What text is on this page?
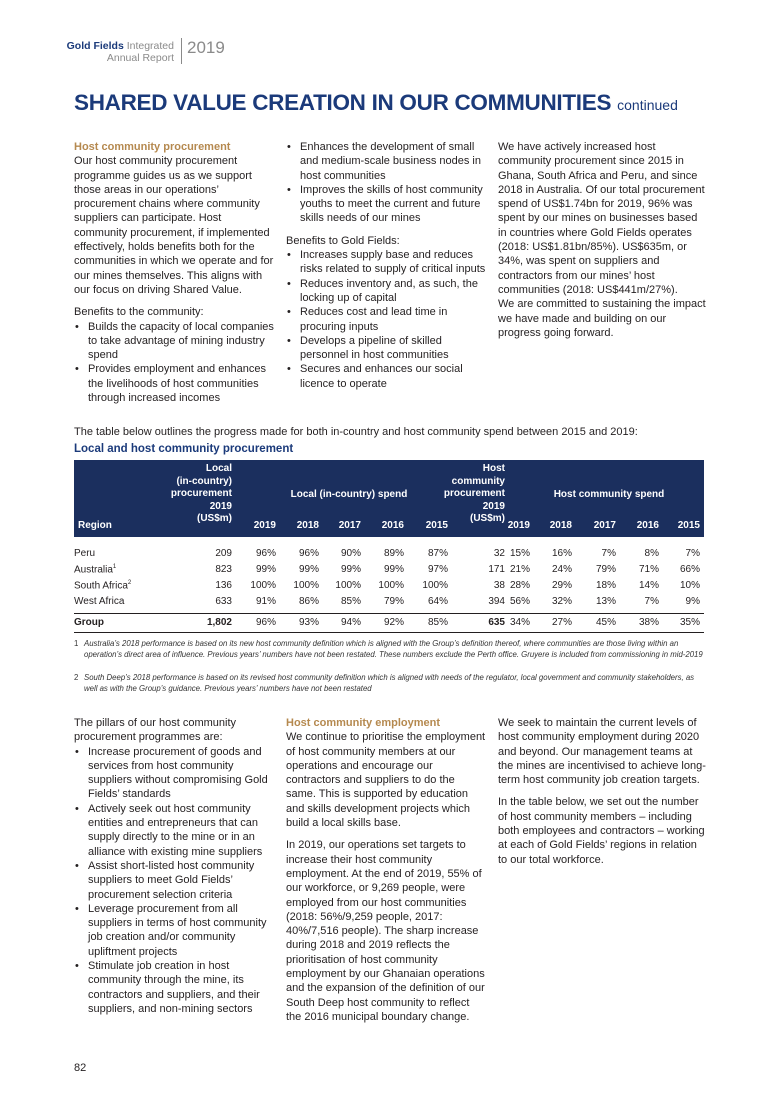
Gold Fields Integrated
Annual Report
2019
SHARED VALUE CREATION IN OUR COMMUNITIES continued
Host community procurement

Our host community procurement programme guides us as we support those areas in our operations’ procurement chains where community suppliers can participate. Host community procurement, if implemented effectively, holds benefits both for the communities in which we operate and for our mines themselves. This aligns with our focus on driving Shared Value.

Benefits to the community:
• Builds the capacity of local companies to take advantage of mining industry spend
• Provides employment and enhances the livelihoods of host communities through increased incomes
• Enhances the development of small and medium-scale business nodes in host communities
• Improves the skills of host community youths to meet the current and future skills needs of our mines
Benefits to Gold Fields:
• Increases supply base and reduces risks related to supply of critical inputs
• Reduces inventory and, as such, the locking up of capital
• Reduces cost and lead time in procuring inputs
• Develops a pipeline of skilled personnel in host communities
• Secures and enhances our social licence to operate

We have actively increased host community procurement since 2015 in Ghana, South Africa and Peru, and since 2018 in Australia. Of our total procurement spend of US$1.74bn for 2019, 96% was spent by our mines on businesses based in countries where Gold Fields operates (2018: US$1.81bn/85%). US$635m, or 34%, was spent on suppliers and contractors from our mines’ host communities (2018: US$441m/27%).

We are committed to sustaining the impact we have made and building on our progress going forward.

The table below outlines the progress made for both in-country and host community spend between 2015 and 2019:
Local and host community procurement
Region
Local
(in-country)
procurement
2019
(US$m)
Local (in-country) spend
Host
community
procurement
2019
(US$m)
Host community spend
2019 2018 2017 2016 2015	2019 2018 2017 2016 2015
Peru	209 96% 96% 90% 89% 87%	32 15% 16%	7%	8%	7%
Australia$^1$	823 99% 99% 99% 99% 97%	171 21% 24% 79% 71% 66%
South Africa$^2$	136 100% 100% 100% 100% 100%	38 28% 29% 18% 14% 10%
West Africa	633 91% 86% 85% 79% 64%	394 56% 32% 13%	7%	9%
Group	1,802 96% 93% 94% 92% 85%	635 34% 27% 45% 38% 35%
1 Australia’s 2018 performance is based on its new host community definition which is aligned with the Group’s definition thereof, where communities are those living within an operation’s direct area of influence. Previous years’ numbers have not been restated. These numbers exclude the Perth office. Gruyere is included from commissioning in mid-2019
2 South Deep’s 2018 performance is based on its revised host community definition which is aligned with needs of the regulator, local government and community stakeholders, as well as with the Group’s guidance. Previous years’ numbers have not been restated
The pillars of our host community procurement programmes are:
• Increase procurement of goods and services from host community suppliers without compromising Gold Fields’ standards
• Actively seek out host community entities and entrepreneurs that can supply directly to the mine or in an alliance with existing mine suppliers
• Assist short-listed host community suppliers to meet Gold Fields’ procurement selection criteria
• Leverage procurement from all suppliers in terms of host community job creation and/or community upliftment projects
• Stimulate job creation in host community through the mine, its contractors and suppliers, and their suppliers, and non-mining sectors
Host community employment

We continue to prioritise the employment of host community members at our operations and encourage our contractors and suppliers to do the same. This is supported by education and skills development projects which build a local skills base.

In 2019, our operations set targets to increase their host community employment. At the end of 2019, 55% of our workforce, or 9,269 people, were employed from our host communities (2018: 56%/9,259 people, 2017: 40%/7,516 people). The sharp increase during 2018 and 2019 reflects the prioritisation of host community employment by our Ghanaian operations and the expansion of the definition of our South Deep host community to reflect the 2016 municipal boundary change.

We seek to maintain the current levels of host community employment during 2020 and beyond. Our management teams at the mines are incentivised to achieve long-term host community job creation targets.

In the table below, we set out the number of host community members – including both employees and contractors – working at each of Gold Fields’ regions in relation to our total workforce.

82
